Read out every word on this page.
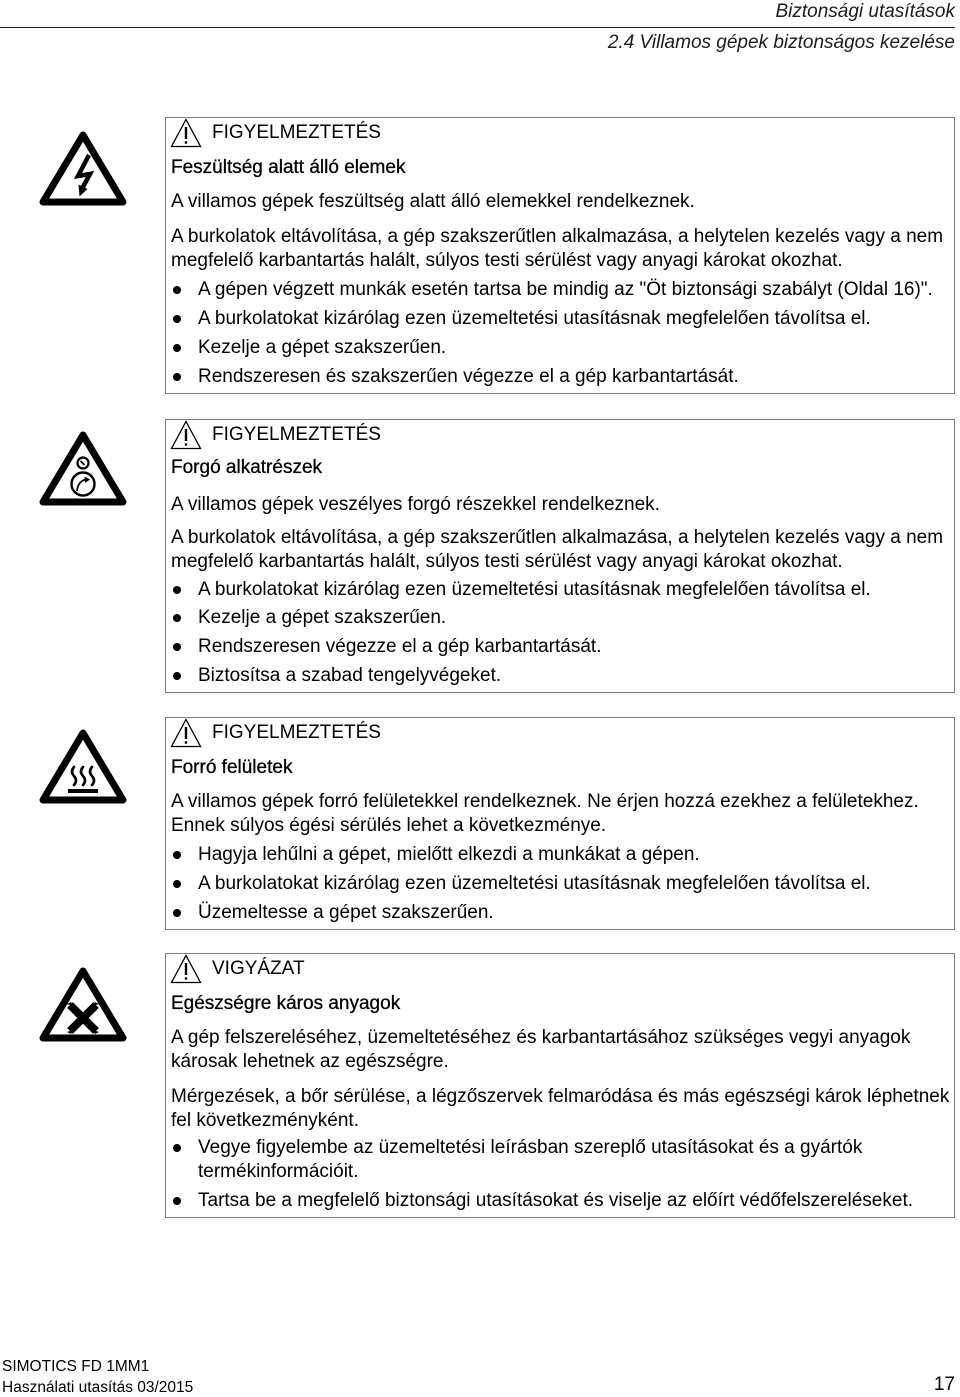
Biztonsági utasítások
2.4 Villamos gépek biztonságos kezelése
FIGYELMEZTETÉS
Feszültség alatt álló elemek

A villamos gépek feszültség alatt álló elemekkel rendelkeznek.

A burkolatok eltávolítása, a gép szakszerűtlen alkalmazása, a helytelen kezelés vagy a nem
megfelelő karbantartás halált, súlyos testi sérülést vagy anyagi károkat okozhat.

A gépen végzett munkák esetén tartsa be mindig az "Öt biztonsági szabályt (Oldal 16)".
A burkolatokat kizárólag ezen üzemeltetési utasításnak megfelelően távolítsa el.
Kezelje a gépet szakszerűen.
Rendszeresen és szakszerűen végezze el a gép karbantartását.
FIGYELMEZTETÉS
Forgó alkatrészek

A villamos gépek veszélyes forgó részekkel rendelkeznek.

A burkolatok eltávolítása, a gép szakszerűtlen alkalmazása, a helytelen kezelés vagy a nem
megfelelő karbantartás halált, súlyos testi sérülést vagy anyagi károkat okozhat.

A burkolatokat kizárólag ezen üzemeltetési utasításnak megfelelően távolítsa el.
Kezelje a gépet szakszerűen.
Rendszeresen végezze el a gép karbantartását.
Biztosítsa a szabad tengelyvégeket.
FIGYELMEZTETÉS
Forró felületek

A villamos gépek forró felületekkel rendelkeznek. Ne érjen hozzá ezekhez a felületekhez.
Ennek súlyos égési sérülés lehet a következménye.

Hagyja lehűlni a gépet, mielőtt elkezdi a munkákat a gépen.
A burkolatokat kizárólag ezen üzemeltetési utasításnak megfelelően távolítsa el.
Üzemeltesse a gépet szakszerűen.
VIGYÁZAT
Egészségre káros anyagok

A gép felszereléséhez, üzemeltetéséhez és karbantartásához szükséges vegyi anyagok
károsak lehetnek az egészségre.

Mérgezések, a bőr sérülése, a légzőszervek felmaródása és más egészségi károk léphetnek
fel következményként.

Vegye figyelembe az üzemeltetési leírásban szereplő utasításokat és a gyártók
termékinformációit.
Tartsa be a megfelelő biztonsági utasításokat és viselje az előírt védőfelszereléseket.
SIMOTICS FD 1MM1
Használati utasítás 03/2015	17
